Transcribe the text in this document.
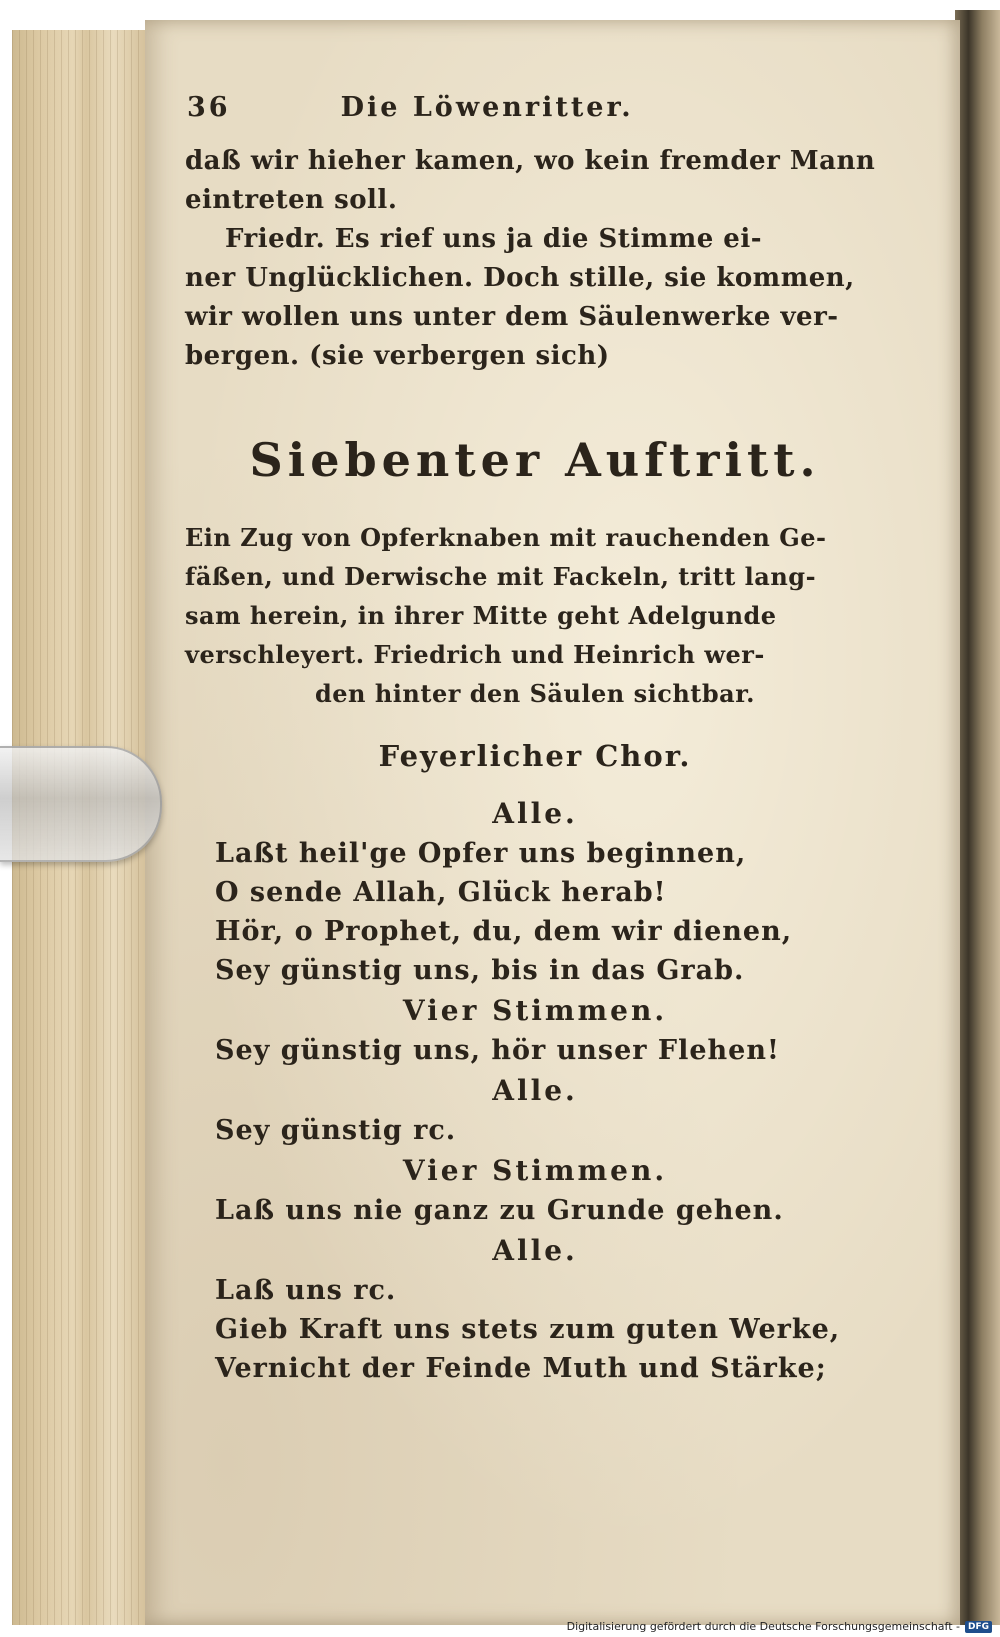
36	Die Löwenritter.

daß wir hieher kamen, wo kein fremder Mann

eintreten soll.

Friedr. Es rief uns ja die Stimme ei-

ner Unglücklichen. Doch stille, sie kommen,

wir wollen uns unter dem Säulenwerke ver-

bergen. (sie verbergen sich)

Siebenter Auftritt.

Ein Zug von Opferknaben mit rauchenden Ge-

fäßen, und Derwische mit Fackeln, tritt lang-

sam herein, in ihrer Mitte geht Adelgunde

verschleyert. Friedrich und Heinrich wer-

den hinter den Säulen sichtbar.

Feyerlicher Chor.

Alle.

Laßt heil'ge Opfer uns beginnen,

O sende Allah, Glück herab!

Hör, o Prophet, du, dem wir dienen,

Sey günstig uns, bis in das Grab.

Vier Stimmen.

Sey günstig uns, hör unser Flehen!

Alle.

Sey günstig rc.

Vier Stimmen.

Laß uns nie ganz zu Grunde gehen.

Alle.

Laß uns rc.

Gieb Kraft uns stets zum guten Werke,

Vernicht der Feinde Muth und Stärke;

Digitalisierung gefördert durch die Deutsche Forschungsgemeinschaft - DFG
